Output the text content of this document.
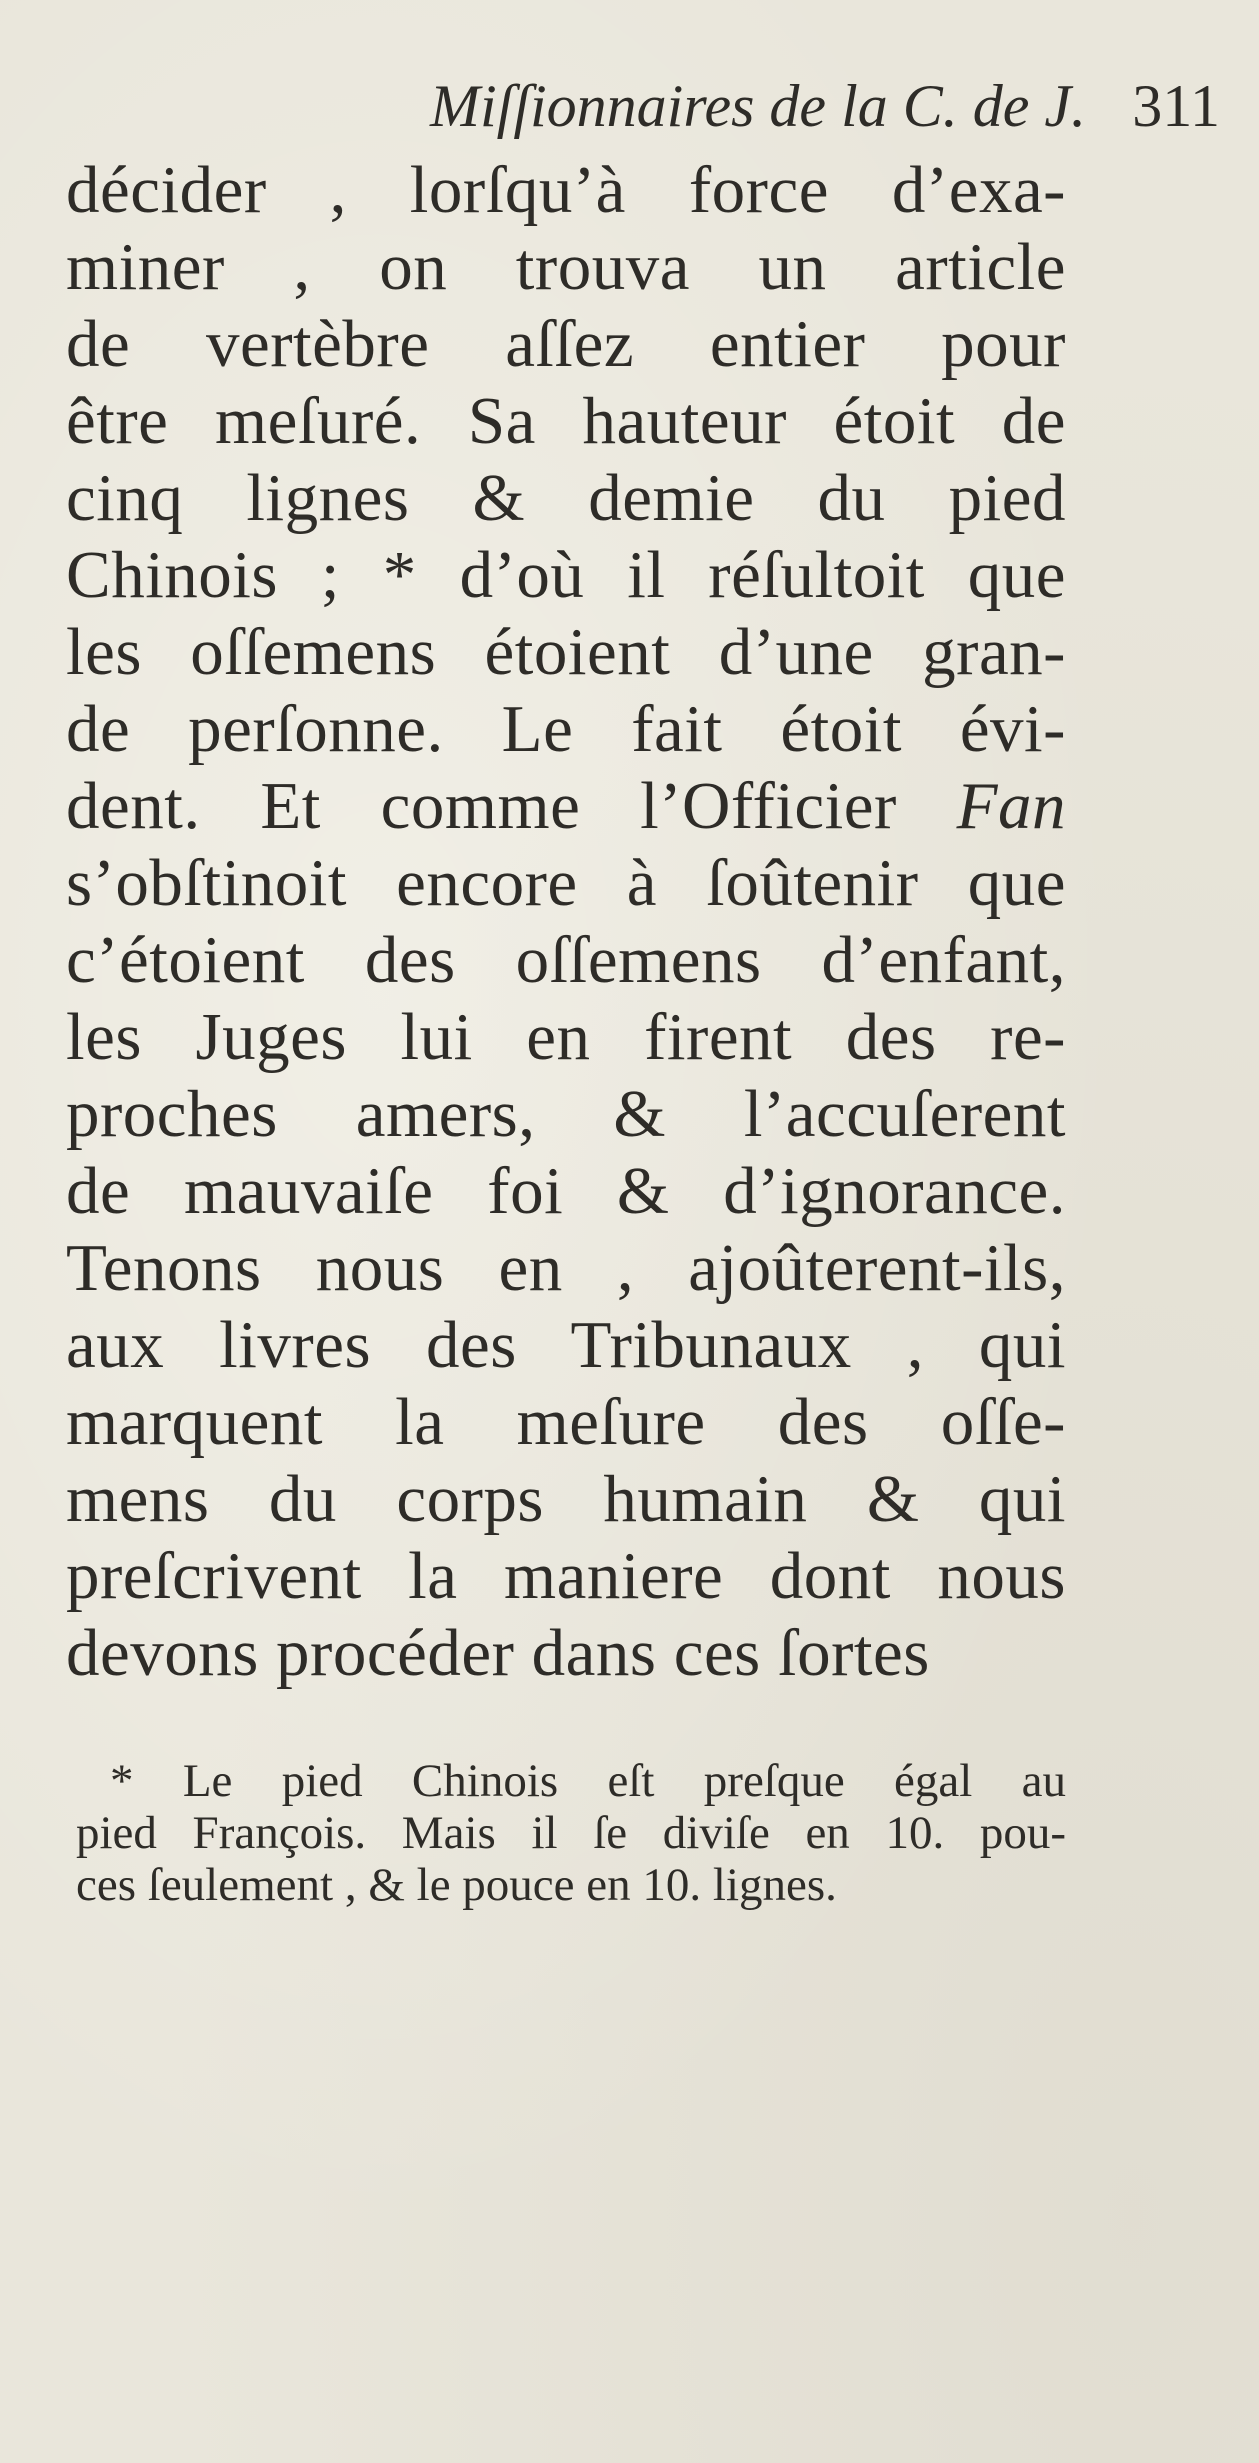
Miſſionnaires de la C. de J. 311
décider , lorſqu’à force d’exa-
miner , on trouva un article
de vertèbre aſſez entier pour
être meſuré. Sa hauteur étoit de
cinq lignes & demie du pied
Chinois ; * d’où il réſultoit que
les oſſemens étoient d’une gran-
de perſonne. Le fait étoit évi-
dent. Et comme l’Officier Fan
s’obſtinoit encore à ſoûtenir que
c’étoient des oſſemens d’enfant,
les Juges lui en firent des re-
proches amers, & l’accuſerent
de mauvaiſe foi & d’ignorance.
Tenons nous en , ajoûterent-ils,
aux livres des Tribunaux , qui
marquent la meſure des oſſe-
mens du corps humain & qui
preſcrivent la maniere dont nous
devons procéder dans ces ſortes
* Le pied Chinois eſt preſque égal au
pied François. Mais il ſe diviſe en 10. pou-
ces ſeulement , & le pouce en 10. lignes.
